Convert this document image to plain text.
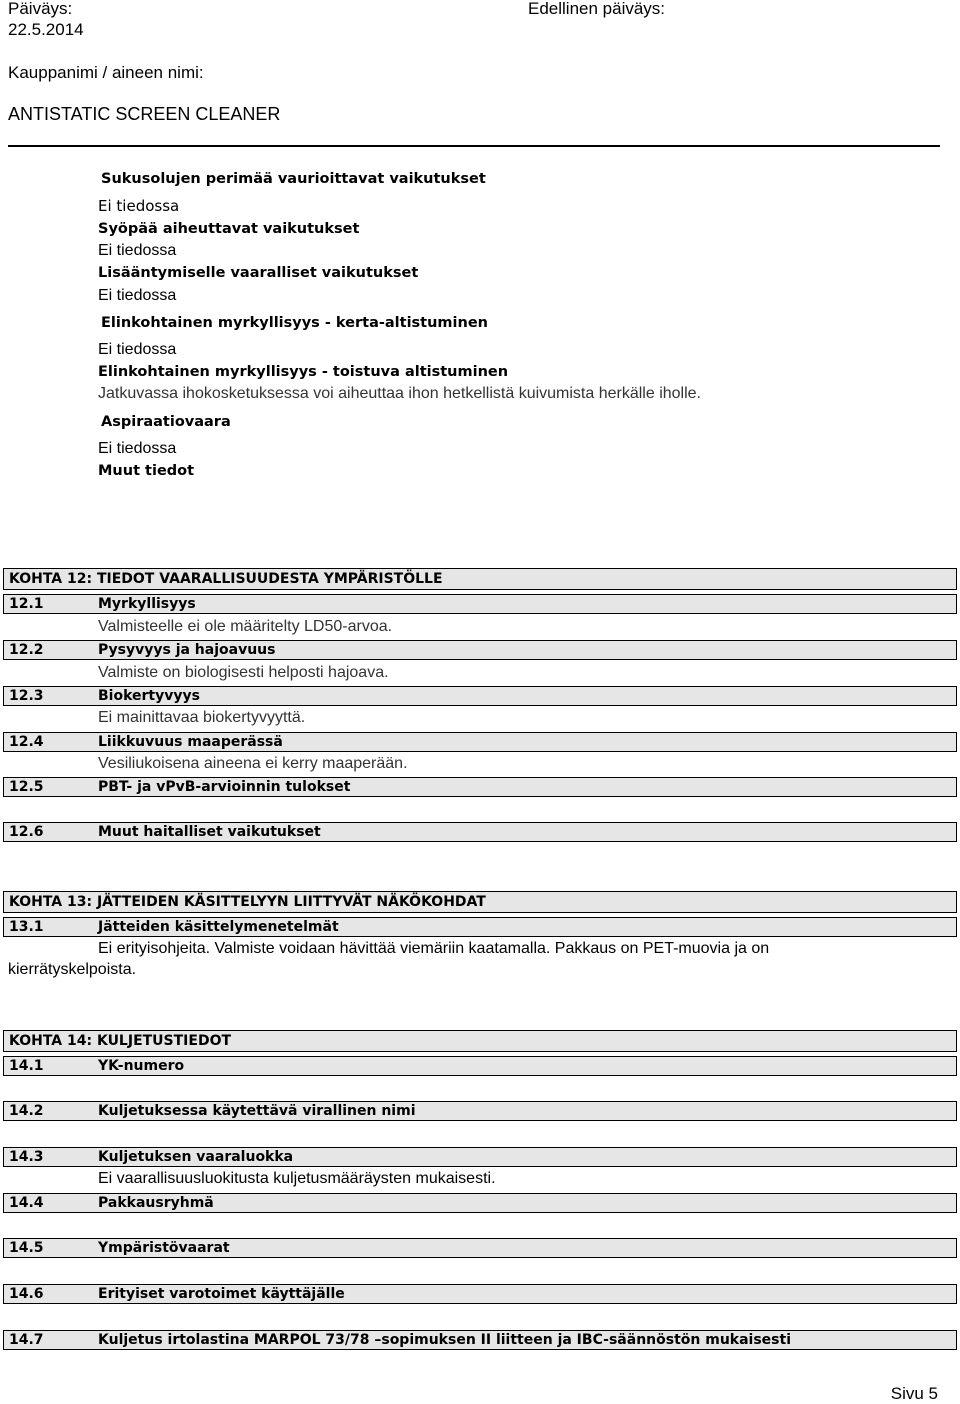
Päiväys:
22.5.2014
Edellinen päiväys:
Kauppanimi / aineen nimi:
ANTISTATIC SCREEN CLEANER
Sukusolujen perimää vaurioittavat vaikutukset
Ei tiedossa
Syöpää aiheuttavat vaikutukset
Ei tiedossa
Lisääntymiselle vaaralliset vaikutukset
Ei tiedossa
Elinkohtainen myrkyllisyys - kerta-altistuminen
Ei tiedossa
Elinkohtainen myrkyllisyys - toistuva altistuminen
Jatkuvassa ihokosketuksessa voi aiheuttaa ihon hetkellistä kuivumista herkälle iholle.
Aspiraatiovaara
Ei tiedossa
Muut tiedot
KOHTA 12: TIEDOT VAARALLISUUDESTA YMPÄRISTÖLLE
12.1	Myrkyllisyys
Valmisteelle ei ole määritelty LD50-arvoa.
12.2	Pysyvyys ja hajoavuus
Valmiste on biologisesti helposti hajoava.
12.3	Biokertyvyys
Ei mainittavaa biokertyvyyttä.
12.4	Liikkuvuus maaperässä
Vesiliukoisena aineena ei kerry maaperään.
12.5	PBT- ja vPvB-arvioinnin tulokset
12.6	Muut haitalliset vaikutukset
KOHTA 13: JÄTTEIDEN KÄSITTELYYN LIITTYVÄT NÄKÖKOHDAT
13.1	Jätteiden käsittelymenetelmät
Ei erityisohjeita. Valmiste voidaan hävittää viemäriin kaatamalla. Pakkaus on PET-muovia ja on
kierrätyskelpoista.
KOHTA 14: KULJETUSTIEDOT
14.1	YK-numero
14.2	Kuljetuksessa käytettävä virallinen nimi
14.3	Kuljetuksen vaaraluokka
Ei vaarallisuusluokitusta kuljetusmääräysten mukaisesti.
14.4	Pakkausryhmä
14.5	Ympäristövaarat
14.6	Erityiset varotoimet käyttäjälle
14.7	Kuljetus irtolastina MARPOL 73/78 –sopimuksen II liitteen ja IBC-säännöstön mukaisesti
Sivu 5
